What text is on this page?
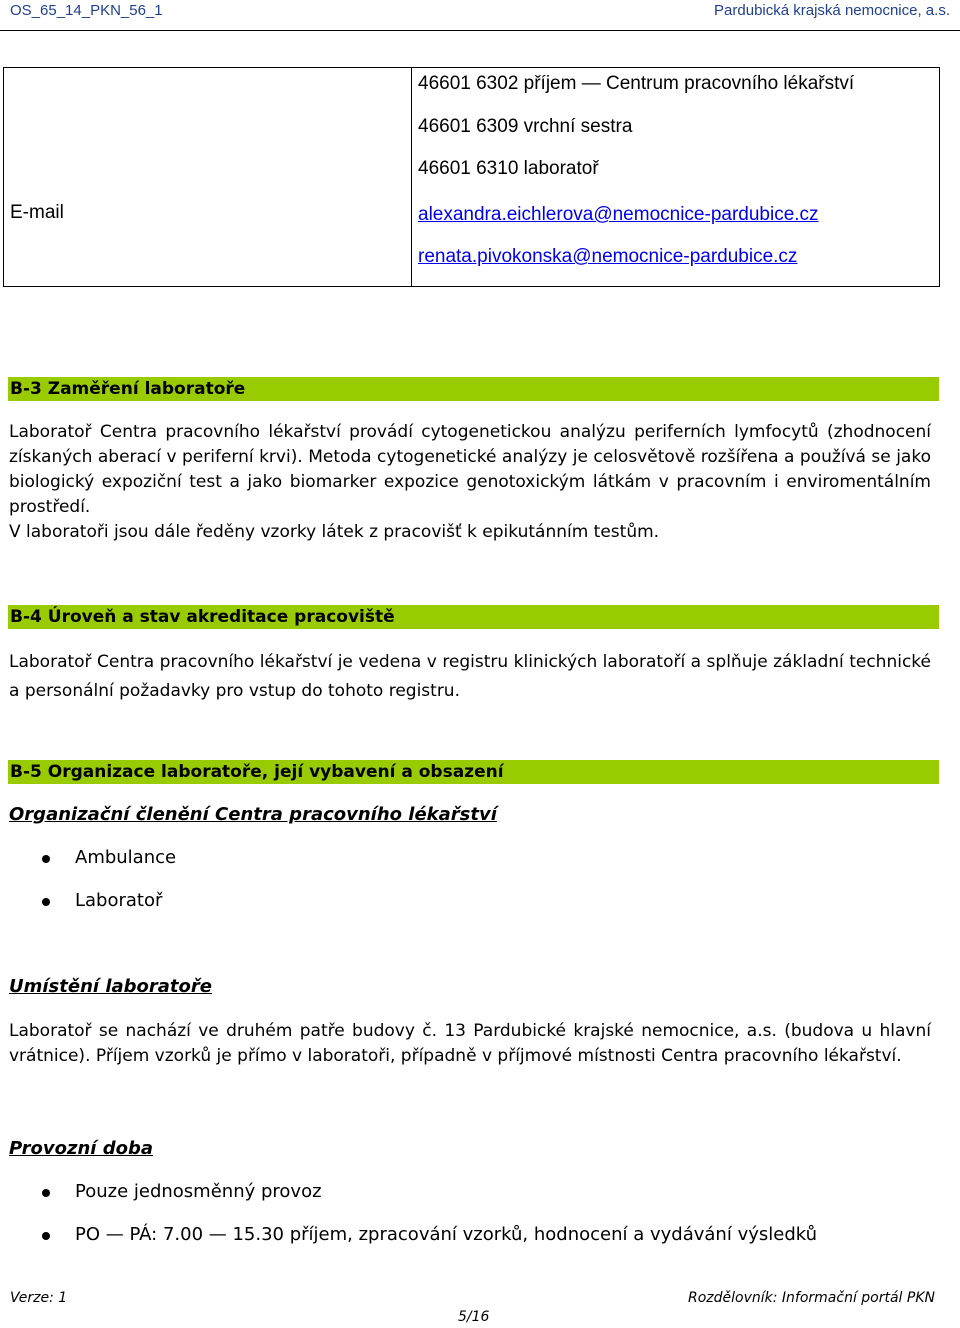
OS_65_14_PKN_56_1	Pardubická krajská nemocnice, a.s.
E-mail

46601 6302 příjem — Centrum pracovního lékařství
46601 6309 vrchní sestra
46601 6310 laboratoř
alexandra.eichlerova@nemocnice-pardubice.cz
renata.pivokonska@nemocnice-pardubice.cz
B-3 Zaměření laboratoře
Laboratoř Centra pracovního lékařství provádí cytogenetickou analýzu periferních lymfocytů (zhodnocení získaných aberací v periferní krvi). Metoda cytogenetické analýzy je celosvětově rozšířena a používá se jako biologický expoziční test a jako biomarker expozice genotoxickým látkám v pracovním i enviromentálním prostředí.
V laboratoři jsou dále ředěny vzorky látek z pracovišť k epikutánním testům.
B-4 Úroveň a stav akreditace pracoviště
Laboratoř Centra pracovního lékařství je vedena v registru klinických laboratoří a splňuje základní technické a personální požadavky pro vstup do tohoto registru.
B-5 Organizace laboratoře, její vybavení a obsazení
Organizační členění Centra pracovního lékařství
Ambulance
Laboratoř
Umístění laboratoře
Laboratoř se nachází ve druhém patře budovy č. 13 Pardubické krajské nemocnice, a.s. (budova u hlavní vrátnice). Příjem vzorků je přímo v laboratoři, případně v příjmové místnosti Centra pracovního lékařství.
Provozní doba
Pouze jednosměnný provoz
PO — PÁ: 7.00 — 15.30 příjem, zpracování vzorků, hodnocení a vydávání výsledků
Verze: 1	Rozdělovník: Informační portál PKN
5/16
